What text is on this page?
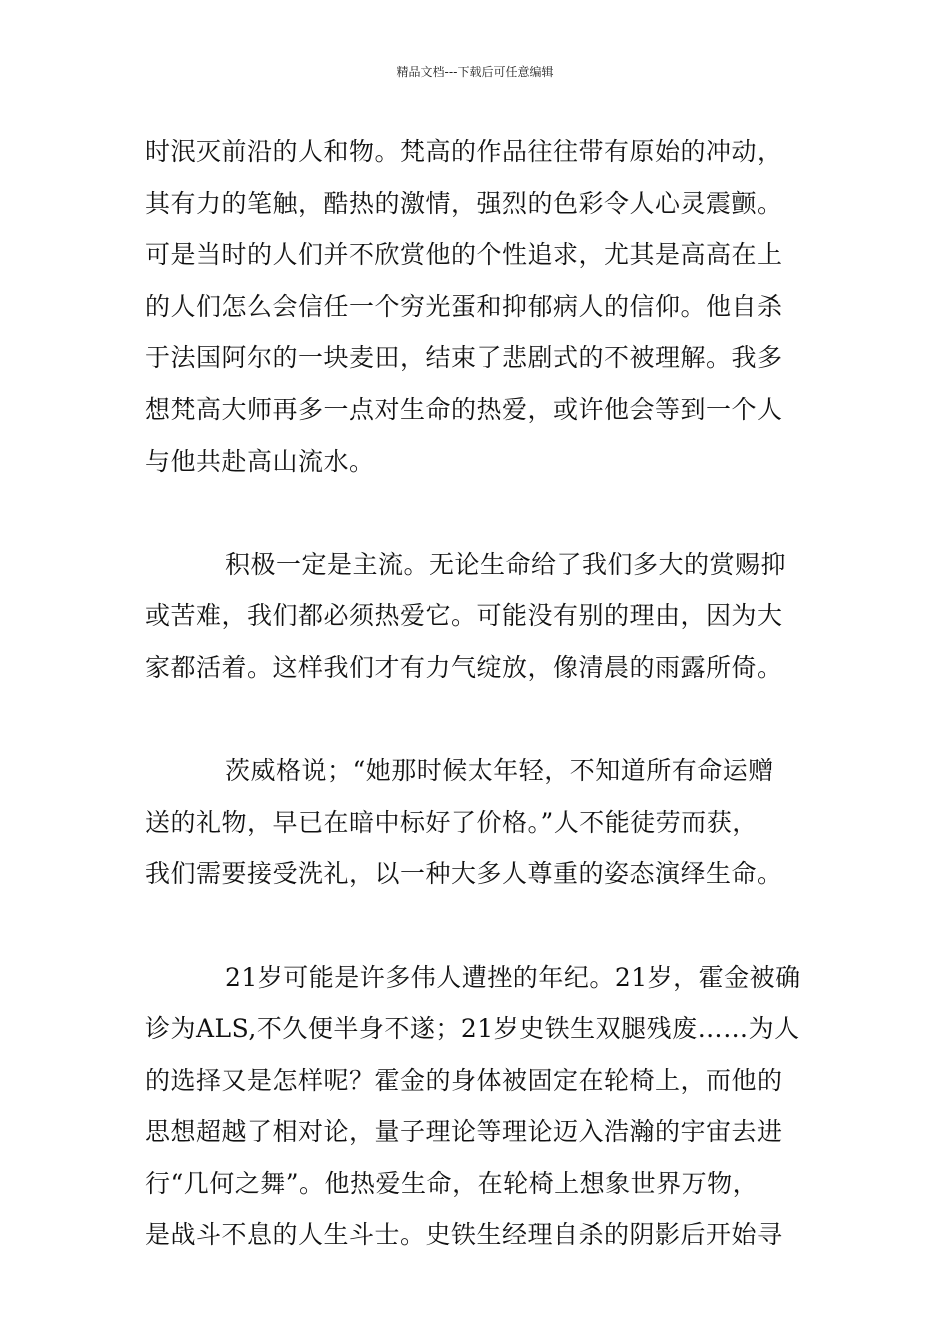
精品文档---下载后可任意编辑
时泯灭前沿的人和物。梵高的作品往往带有原始的冲动，
其有力的笔触，酷热的激情，强烈的色彩令人心灵震颤。
可是当时的人们并不欣赏他的个性追求，尤其是高高在上
的人们怎么会信任一个穷光蛋和抑郁病人的信仰。他自杀
于法国阿尔的一块麦田，结束了悲剧式的不被理解。我多
想梵高大师再多一点对生命的热爱，或许他会等到一个人
与他共赴高山流水。
积极一定是主流。无论生命给了我们多大的赏赐抑
或苦难，我们都必须热爱它。可能没有别的理由，因为大
家都活着。这样我们才有力气绽放，像清晨的雨露所倚。
茨威格说；“她那时候太年轻，不知道所有命运赠
送的礼物，早已在暗中标好了价格。”人不能徒劳而获，
我们需要接受洗礼，以一种大多人尊重的姿态演绎生命。
21岁可能是许多伟人遭挫的年纪。21岁，霍金被确
诊为ALS,不久便半身不遂；21岁史铁生双腿残废……为人
的选择又是怎样呢？霍金的身体被固定在轮椅上，而他的
思想超越了相对论，量子理论等理论迈入浩瀚的宇宙去进
行“几何之舞”。他热爱生命，在轮椅上想象世界万物，
是战斗不息的人生斗士。史铁生经理自杀的阴影后开始寻
